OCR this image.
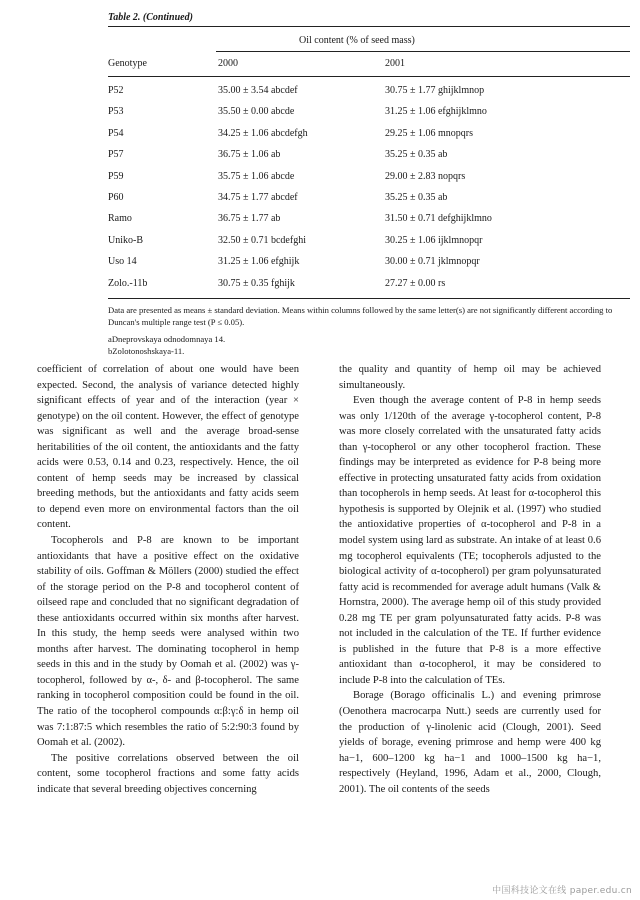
Table 2. (Continued)
Oil content (% of seed mass)
Genotype	2000	2001
P52	35.00 ± 3.54 abcdef	30.75 ± 1.77 ghijklmnop
P53	35.50 ± 0.00 abcde	31.25 ± 1.06 efghijklmno
P54	34.25 ± 1.06 abcdefgh	29.25 ± 1.06 mnopqrs
P57	36.75 ± 1.06 ab	35.25 ± 0.35 ab
P59	35.75 ± 1.06 abcde	29.00 ± 2.83 nopqrs
P60	34.75 ± 1.77 abcdef	35.25 ± 0.35 ab
Ramo	36.75 ± 1.77 ab	31.50 ± 0.71 defghijklmno
Uniko-B	32.50 ± 0.71 bcdefghi	30.25 ± 1.06 ijklmnopqr
Uso 14	31.25 ± 1.06 efghijk	30.00 ± 0.71 jklmnopqr
Zolo.-11b	30.75 ± 0.35 fghijk	27.27 ± 0.00 rs

Data are presented as means ± standard deviation. Means within columns followed by the same letter(s) are not significantly different according to Duncan's multiple range test (P ≤ 0.05).

aDneprovskaya odnodomnaya 14.

bZolotonoshskaya-11.

coefficient of correlation of about one would have been expected. Second, the analysis of variance detected highly significant effects of year and of the interaction (year × genotype) on the oil content. However, the effect of genotype was significant as well and the average broad-sense heritabilities of the oil content, the antioxidants and the fatty acids were 0.53, 0.14 and 0.23, respectively. Hence, the oil content of hemp seeds may be increased by classical breeding methods, but the antioxidants and fatty acids seem to depend even more on environmental factors than the oil content.

Tocopherols and P-8 are known to be important antioxidants that have a positive effect on the oxidative stability of oils. Goffman & Möllers (2000) studied the effect of the storage period on the P-8 and tocopherol content of oilseed rape and concluded that no significant degradation of these antioxidants occurred within six months after harvest. In this study, the hemp seeds were analysed within two months after harvest. The dominating tocopherol in hemp seeds in this and in the study by Oomah et al. (2002) was γ-tocopherol, followed by α-, δ- and β-tocopherol. The same ranking in tocopherol composition could be found in the oil. The ratio of the tocopherol compounds α:β:γ:δ in hemp oil was 7:1:87:5 which resembles the ratio of 5:2:90:3 found by Oomah et al. (2002).

The positive correlations observed between the oil content, some tocopherol fractions and some fatty acids indicate that several breeding objectives concerning

the quality and quantity of hemp oil may be achieved simultaneously.

Even though the average content of P-8 in hemp seeds was only 1/120th of the average γ-tocopherol content, P-8 was more closely correlated with the unsaturated fatty acids than γ-tocopherol or any other tocopherol fraction. These findings may be interpreted as evidence for P-8 being more effective in protecting unsaturated fatty acids from oxidation than tocopherols in hemp seeds. At least for α-tocopherol this hypothesis is supported by Olejnik et al. (1997) who studied the antioxidative properties of α-tocopherol and P-8 in a model system using lard as substrate. An intake of at least 0.6 mg tocopherol equivalents (TE; tocopherols adjusted to the biological activity of α-tocopherol) per gram polyunsaturated fatty acid is recommended for average adult humans (Valk & Hornstra, 2000). The average hemp oil of this study provided 0.28 mg TE per gram polyunsaturated fatty acids. P-8 was not included in the calculation of the TE. If further evidence is published in the future that P-8 is a more effective antioxidant than α-tocopherol, it may be considered to include P-8 into the calculation of TEs.

Borage (Borago officinalis L.) and evening primrose (Oenothera macrocarpa Nutt.) seeds are currently used for the production of γ-linolenic acid (Clough, 2001). Seed yields of borage, evening primrose and hemp were 400 kg ha−1, 600–1200 kg ha−1 and 1000–1500 kg ha−1, respectively (Heyland, 1996, Adam et al., 2000, Clough, 2001). The oil contents of the seeds

中国科技论文在线 paper.edu.cn
